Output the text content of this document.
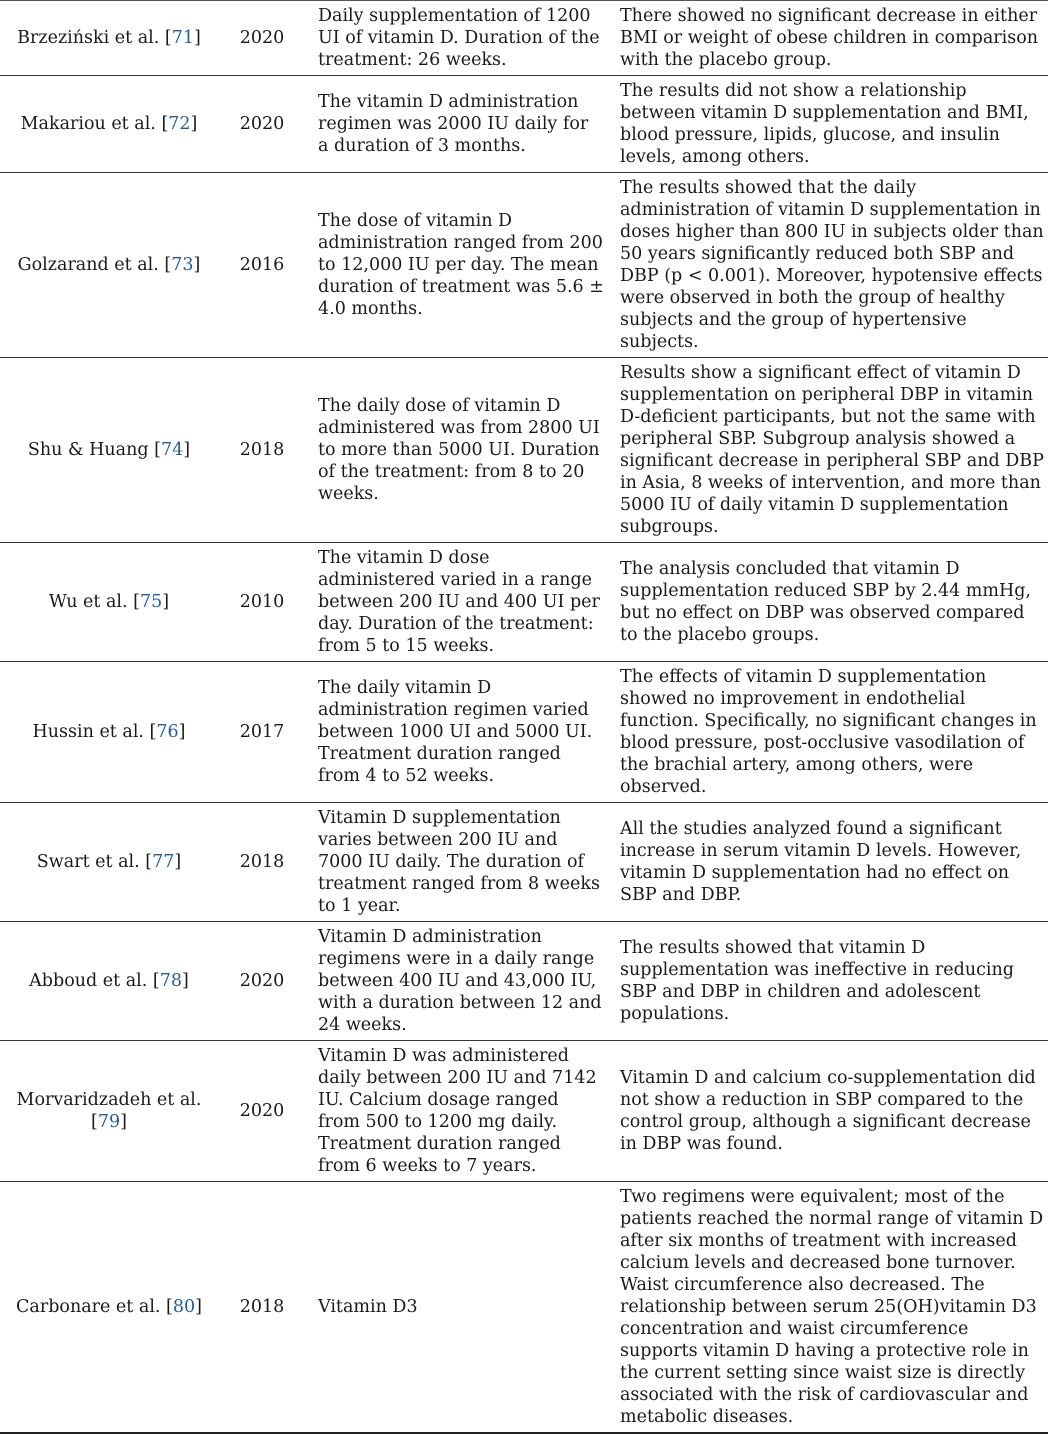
Brzeziński et al. [71]	2020	Daily supplementation of 1200 UI of vitamin D. Duration of the treatment: 26 weeks.	There showed no significant decrease in either BMI or weight of obese children in comparison with the placebo group.
Makariou et al. [72]	2020	The vitamin D administration regimen was 2000 IU daily for a duration of 3 months.	The results did not show a relationship between vitamin D supplementation and BMI, blood pressure, lipids, glucose, and insulin levels, among others.
Golzarand et al. [73]	2016	The dose of vitamin D administration ranged from 200 to 12,000 IU per day. The mean duration of treatment was 5.6 ± 4.0 months.	The results showed that the daily administration of vitamin D supplementation in doses higher than 800 IU in subjects older than 50 years significantly reduced both SBP and DBP (p < 0.001). Moreover, hypotensive effects were observed in both the group of healthy subjects and the group of hypertensive subjects.
Shu & Huang [74]	2018	The daily dose of vitamin D administered was from 2800 UI to more than 5000 UI. Duration of the treatment: from 8 to 20 weeks.	Results show a significant effect of vitamin D supplementation on peripheral DBP in vitamin D-deficient participants, but not the same with peripheral SBP. Subgroup analysis showed a significant decrease in peripheral SBP and DBP in Asia, 8 weeks of intervention, and more than 5000 IU of daily vitamin D supplementation subgroups.
Wu et al. [75]	2010	The vitamin D dose administered varied in a range between 200 IU and 400 UI per day. Duration of the treatment: from 5 to 15 weeks.	The analysis concluded that vitamin D supplementation reduced SBP by 2.44 mmHg, but no effect on DBP was observed compared to the placebo groups.
Hussin et al. [76]	2017	The daily vitamin D administration regimen varied between 1000 UI and 5000 UI. Treatment duration ranged from 4 to 52 weeks.	The effects of vitamin D supplementation showed no improvement in endothelial function. Specifically, no significant changes in blood pressure, post-occlusive vasodilation of the brachial artery, among others, were observed.
Swart et al. [77]	2018	Vitamin D supplementation varies between 200 IU and 7000 IU daily. The duration of treatment ranged from 8 weeks to 1 year.	All the studies analyzed found a significant increase in serum vitamin D levels. However, vitamin D supplementation had no effect on SBP and DBP.
Abboud et al. [78]	2020	Vitamin D administration regimens were in a daily range between 400 IU and 43,000 IU, with a duration between 12 and 24 weeks.	The results showed that vitamin D supplementation was ineffective in reducing SBP and DBP in children and adolescent populations.
Morvaridzadeh et al. [79]	2020	Vitamin D was administered daily between 200 IU and 7142 IU. Calcium dosage ranged from 500 to 1200 mg daily. Treatment duration ranged from 6 weeks to 7 years.	Vitamin D and calcium co-supplementation did not show a reduction in SBP compared to the control group, although a significant decrease in DBP was found.
Carbonare et al. [80]	2018	Vitamin D3	Two regimens were equivalent; most of the patients reached the normal range of vitamin D after six months of treatment with increased calcium levels and decreased bone turnover. Waist circumference also decreased. The relationship between serum 25(OH)vitamin D3 concentration and waist circumference supports vitamin D having a protective role in the current setting since waist size is directly associated with the risk of cardiovascular and metabolic diseases.
